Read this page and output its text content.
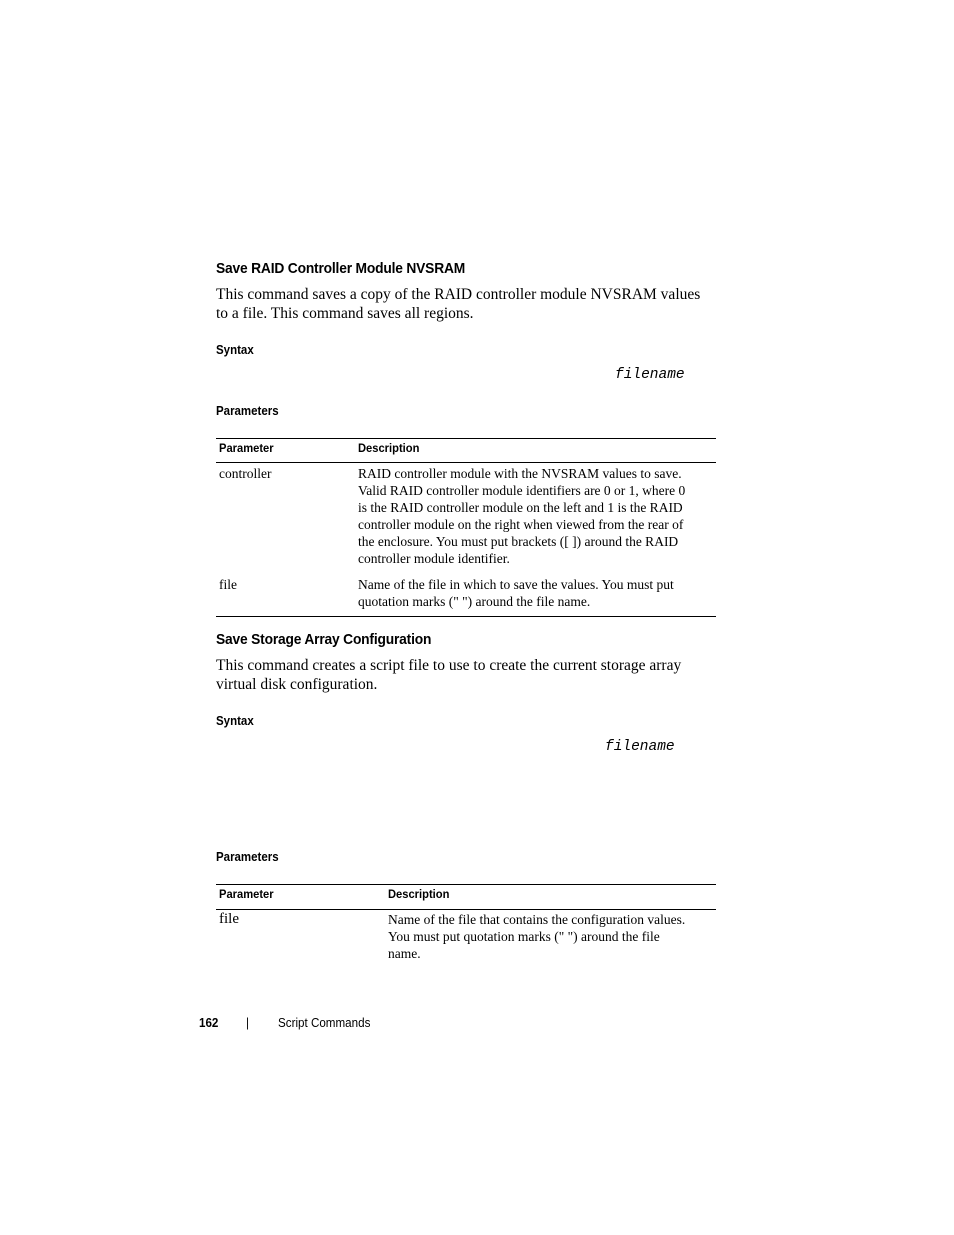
Save RAID Controller Module NVSRAM
This command saves a copy of the RAID controller module NVSRAM values
to a file. This command saves all regions.
Syntax
filename
Parameters
Parameter	Description
controller	RAID controller module with the NVSRAM values to save.
Valid RAID controller module identifiers are 0 or 1, where 0
is the RAID controller module on the left and 1 is the RAID
controller module on the right when viewed from the rear of
the enclosure. You must put brackets ([ ]) around the RAID
controller module identifier.
file	Name of the file in which to save the values. You must put
quotation marks (" ") around the file name.
Save Storage Array Configuration
This command creates a script file to use to create the current storage array
virtual disk configuration.
Syntax
filename
Parameters
Parameter	Description
file	Name of the file that contains the configuration values.
You must put quotation marks (" ") around the file
name.
162 | Script Commands
